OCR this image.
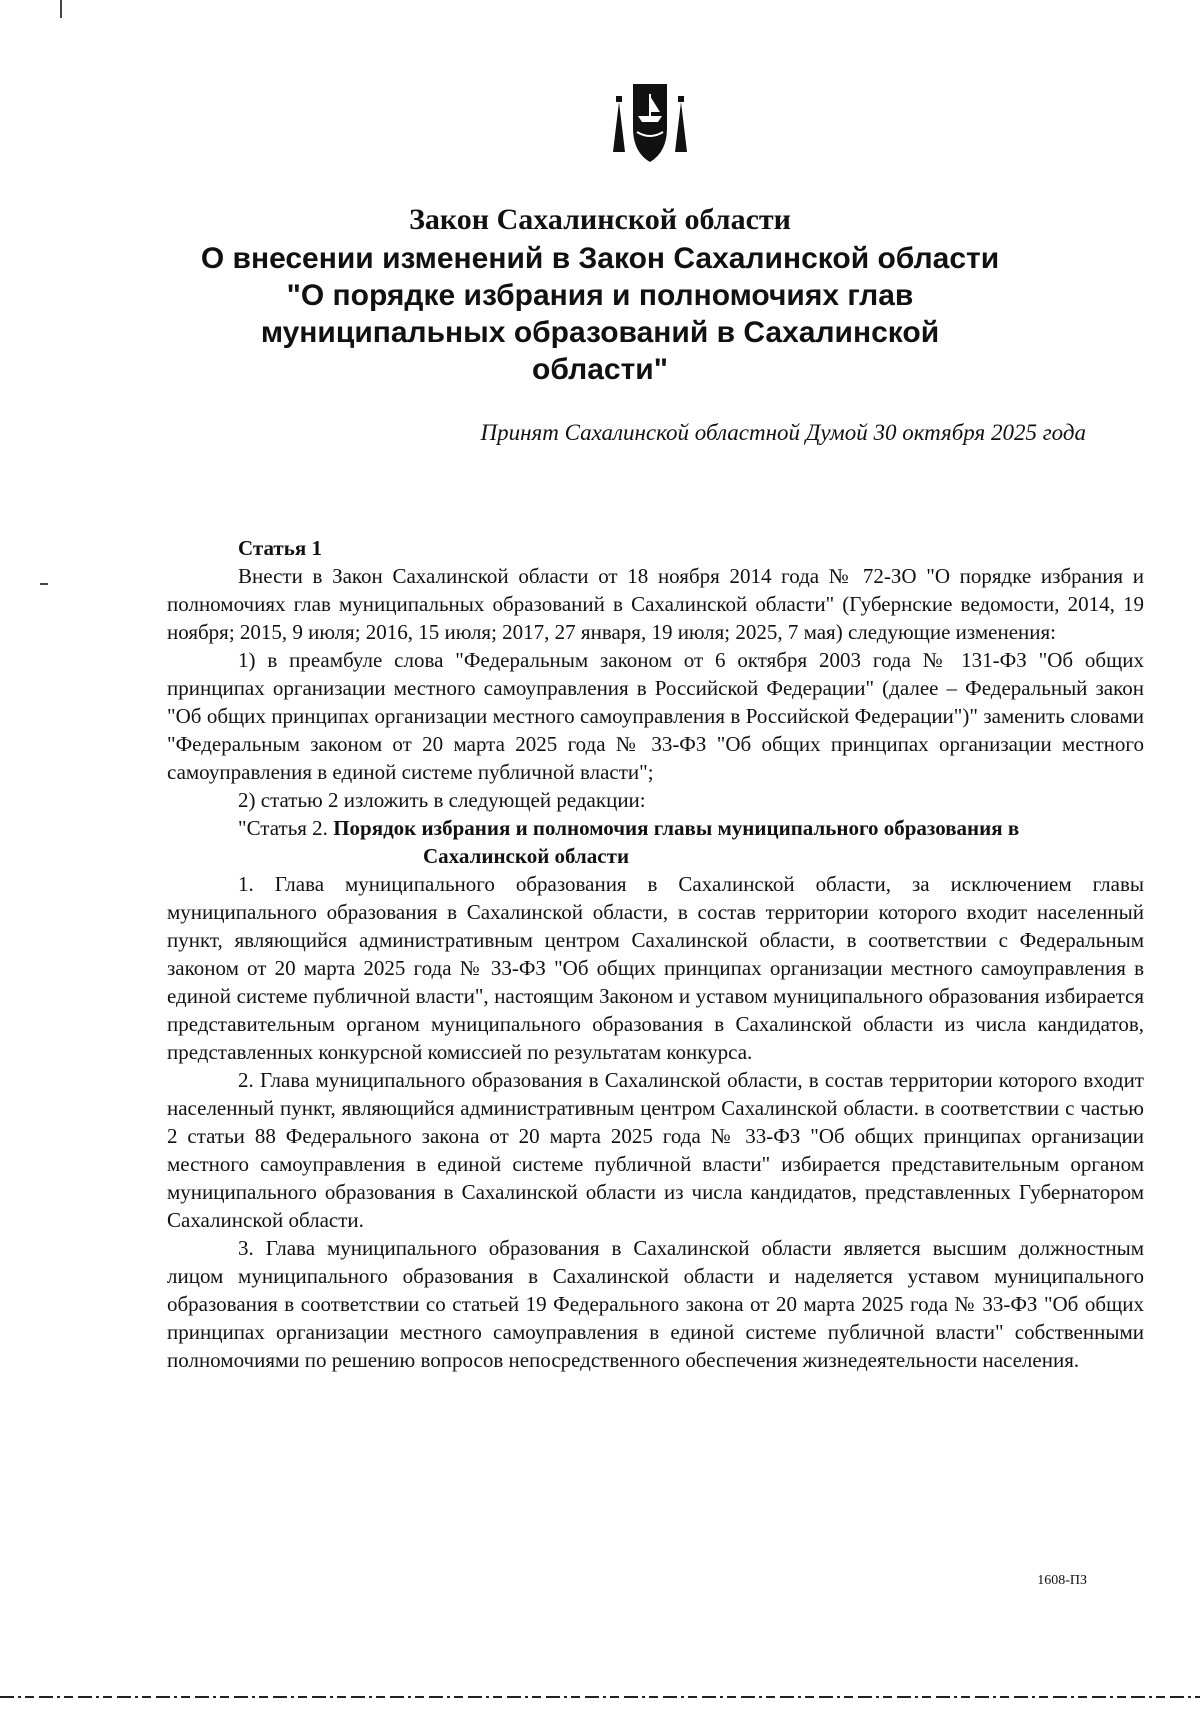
Закон Сахалинской области

О внесении изменений в Закон Сахалинской области "О порядке избрания и полномочиях глав муниципальных образований в Сахалинской области"

Принят Сахалинской областной Думой 30 октября 2025 года

Статья 1

Внести в Закон Сахалинской области от 18 ноября 2014 года № 72-ЗО "О порядке избрания и полномочиях глав муниципальных образований в Сахалинской области" (Губернские ведомости, 2014, 19 ноября; 2015, 9 июля; 2016, 15 июля; 2017, 27 января, 19 июля; 2025, 7 мая) следующие изменения:

1) в преамбуле слова "Федеральным законом от 6 октября 2003 года № 131-ФЗ "Об общих принципах организации местного самоуправления в Российской Федерации" (далее – Федеральный закон "Об общих принципах организации местного самоуправления в Российской Федерации")" заменить словами "Федеральным законом от 20 марта 2025 года № 33-ФЗ "Об общих принципах организации местного самоуправления в единой системе публичной власти";

2) статью 2 изложить в следующей редакции:

"Статья 2. Порядок избрания и полномочия главы муниципального образования в

Сахалинской области

1. Глава муниципального образования в Сахалинской области, за исключением главы муниципального образования в Сахалинской области, в состав территории которого входит населенный пункт, являющийся административным центром Сахалинской области, в соответствии с Федеральным законом от 20 марта 2025 года № 33-ФЗ "Об общих принципах организации местного самоуправления в единой системе публичной власти", настоящим Законом и уставом муниципального образования избирается представительным органом муниципального образования в Сахалинской области из числа кандидатов, представленных конкурсной комиссией по результатам конкурса.

2. Глава муниципального образования в Сахалинской области, в состав территории которого входит населенный пункт, являющийся административным центром Сахалинской области. в соответствии с частью 2 статьи 88 Федерального закона от 20 марта 2025 года № 33-ФЗ "Об общих принципах организации местного самоуправления в единой системе публичной власти" избирается представительным органом муниципального образования в Сахалинской области из числа кандидатов, представленных Губернатором Сахалинской области.

3. Глава муниципального образования в Сахалинской области является высшим должностным лицом муниципального образования в Сахалинской области и наделяется уставом муниципального образования в соответствии со статьей 19 Федерального закона от 20 марта 2025 года № 33-ФЗ "Об общих принципах организации местного самоуправления в единой системе публичной власти" собственными полномочиями по решению вопросов непосредственного обеспечения жизнедеятельности населения.

1608-ПЗ
